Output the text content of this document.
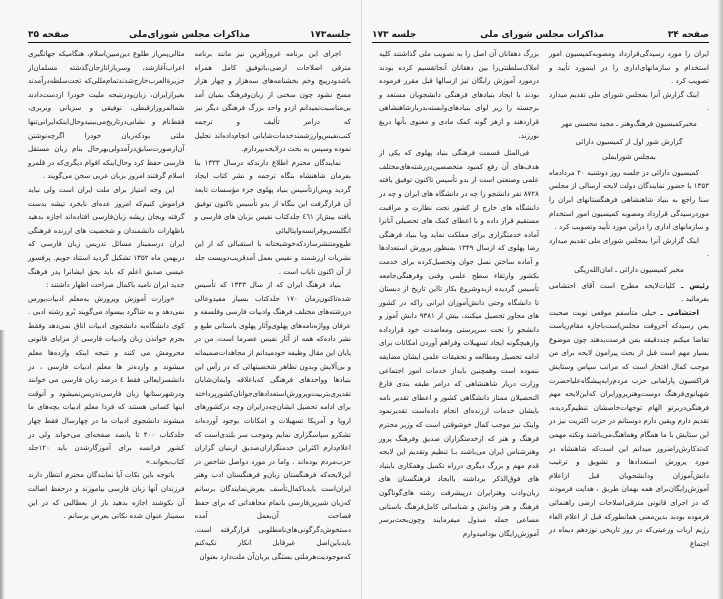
جلسه۱۷۳
مذاکرات مجلس شورای‌ملی
صفحه ۳۵

اجرای این برنامه غرور‌آفرین نیز مانند برنامه مترقی اصلاحات ارضی،باتوفیق کامل همراه باشدودرپیچ وخم بخشنامه‌های سه‌هزار و چهار هزار مسخ نشود چون سخنی از زبان‌وفرهنگ بمیان آمد بی‌مناسبت‌نمیدانم ازدو واحد بزرگ فرهنگی دیگر نیز که درامر تألیف و ترجمه کتب‌نفیس‌وارزشمندخدمات‌شایانی انجام‌داده‌اند تجلیل نموده وسپس به بحث درلایحه‌بپردازم.

نمایندگان محترم اطلاع دارندکه درسال ۱۳۳۳ بنا بفرمان شاهنشاه بنگاه ترجمه و نشر کتاب ایجاد گردید وپس‌ازتأسیس بنیاد پهلوی جزء مؤسسات تابعة آن قرارگرفت این بنگاه از بدو تأسیس تاکنون توفیق یافته بیش‌از ٤٦١ جلدکتاب نفیس بزبان های فارسی و انگلیسی‌وفرانسه‌وایتالیائی طبع‌ومنتشرسازدکه‌خوشبختانه با استقبالی که از این نشریات ارزشمند و نفیس بعمل آمدقریب‌دویست جلد از آن اکنون نایاب است .

بنیاد فرهنگ ایران که از سال ۱۳۴۳ که تأسیس شده‌تاکنون‌زمان ۱۷۰ جلدکتاب بسیار مفیدوعالی دررشته‌های مختلف فرهنگ وادبیات فارسی وفلسفه و عرفان وواژه‌نامه‌های پهلوی‌وآثار پهلوی باستانی طبع و نشر داده‌که همه از آثار نفیس عصرما است، من در پایان این مقال وظیفه خودمیدانم از مجاهدات‌صمیمانه و بی‌آلایش وبدون تظاهر شخصیتهائی که در رأس این بنیادها وواحدهای فرهنگی که‌باعلاقه وایمان‌شایان تقدیرى‌بتربیت‌وپرورش‌استعدادهای‌جوانان‌کشورپرداخته برای ادامه تحصیل ایشان‌چه‌درایران وچه درکشورهای اروپا و آمریکا تسهیلات و امکانات بوجود آورده‌اند تشکرو سپاسگزاری نمایم وموجب سر بلندی‌است که اعلام‌دارم اکثراین خدمتگزاران‌صدیق ازبنیان گزاران حزب‌مردم بوده‌اند . واما در مورد دواصل شاخص در این‌لایحه‌که فرهنگستان زبان‌و فرهنگستان ادب وهنر ایران‌است بایدباکمال‌تأسف بعرض‌نمایندگان برسانم که‌زبان شیرین‌فارسی باتمام مجاهداتی که برای حفظ فصاحت آن‌بعمل آمده دستخوش‌دگرگونی‌های‌نامطلوبی قرارگرفته است. بایدباین‌اصل غیرقابل انکار تکیه‌کنم که‌موجودیت‌هرملتی بستگی بزبان‌آن ملت‌دارد بعنوان

مثالی‌پس‌از طلوع دین‌مبین‌اسلام، هنگامیکه جهانگیری اعراب‌آغازشد، وسربازانازجان‌گذشته مسلمان‌از جزیرةالعرب‌خارج‌شدند‌تمام‌مللی‌که تحت‌سلطه‌در‌آمدند بغیرازایران، زبان‌ودرنتیجه ملیت خودرا ازدست‌دادند شمالمروزازقبطی، نوفیقی و سریانی وبربری، فقط‌نام و نشانی‌درتاریخ‌می‌بینیدوحال‌اینکه‌ایرانی‌تنها ملتی بود‌که‌زبان خودرا اگرچه‌نوشتن آن‌ازصورت‌سابق‌در‌آمدولی‌بهرحال بنام زبان مستقل فارسی حفظ کرد وحال‌اینکه اقوام دیگری‌که در قلمرو اسلام گرفتند امروز بزبان عربی سخن می‌گویند .

این وجه امتیاز برای ملت ایران است ولی نباید فراموش کنیم‌که امروز عده‌ای نابخرد تیشه بدست گرفته وبجان ریشه زبان‌فارسی افتاده‌اند اجازه بدهید باظهارات دانشمندان و شخصیت های ارزنده فرهنگی ایران درسمینار مسائل تدریس زبان فارسی که دربهمن ماه ۱۳۵۲ تشکیل گردید استناد جویم. پرفسور عیسی صدیق اعلم که باید بحق ایشانرا پدر فرهنگ جدید ایران نامید باکمال صراحت اظهار داشتند :

«وزارت آموزش وپرورش به‌معلم ادبیات‌پورس نمی‌دهد و به شاگرد بیسواد می‌گویند بُرو رشته ادبی . کوی دانشگاه‌به دانشجوی ادبیات اتاق نمی‌دهد وفقط بجرم خواندن زبان وادبیات فارسی از مزایای قانونی محرومش می کنند و نتیجه اینکه وازده‌ها معلم میشوند و وازده‌تر ها معلم ادبیات فارسی ، در دانشسرایعالی فقط ٤ درصد زبان فارسی می خوانند ودرشهرستانها زبان فارسی‌تدریس‌نمیشود و آنوقت اینها کسانی هستند که فردا معلم ادبیات بچه‌های ما میشوند دانشجوی ادبیات ما در چهارسال فقط چهار جلدکتاب ۴۰۰ تا پانصد صفحه‌ای می‌خواند ولی در کشور فرانسه برای آموزگارشدن باید ۱۲۰جلد کتاب‌بخواند.»

باتوجه باین نکات آیا نمایندگان محترم انتظار دارند فرزندان آنها زبان فارسی بیاموزند و درحفظ اصالت آن بکوشند اجازه بدهید باز از بعطالبی که در این سمینار عنوان شده نکاتی بعرض برسانم .

صفحه ۳۴
مذاکرات مجلس شورای ملی
جلسه ۱۷۳

ایران را مورد رسیدگی‌قرارداد ومصوبه‌کمیسیون امور استخدام و سازمانهای‌اداری را در اینمورد تأیید و تصویب کرد .

اینک گزارش آنرا بمجلس شورای ملی تقدیم میدارد .

مخبر‌کمیسیون فرهنگ‌وهنر ـ مجید محسنی مهر

گزارش شور اول از کمیسیون دارائی

بمجلس شورایملی

کمیسیون دارائی در جلسه روز دوشنبه ۲۰ مردادماه ۱۳۵۳ با حضور نمایندگان دولت لایحه ارسالی از مجلس سنا راجع به بنیاد شاهنشاهی فرهنگستانهای ایران را موردرسیدگی قرارداد ومصوبه کمیسیون امور استخدام و سازمانهای اداری را دراین مورد تأیید وتصویب کرد .

اینک گزارش آنرا بمجلس شورای ملی تقدیم میدارد .

مخبر کمیسیون دارائی ـ امان‌الله‌ریگی

رئیس ـ کلیات‌لایحه مطرح است آقای احتشامی بفرمائید .

احتشامی ـ خیلی متأسفم موقعی نوبت صحبت بمن رسیدکه آخروقت مجلس‌است‌باجازه مقام‌ریاست تقاضا میکنم چنددقیقه بمن فرصت‌بدهند چون موضوع بسیار مهم است قبل از بحث پیرامون لایحه برای من موجب کمال افتخار است که مراتب سپاس وستایش فراکسیون پارلمانی حزب مردم‌را‌به‌پیشگاه‌علیاحضرت شهبانوی‌فرهنگ دوست‌وهنرپرورایران که‌این‌لایحه مهم فرهنگی‌دربرتو الهام توجهات‌خاصشان تنظیم‌گردیده، تقدیم دارم ویقین دارم دوستانم در حزب اکثریت نیز در این ستایش با ما همگام وهماهنگ‌می‌باشند ونکته مهمی که‌تذکارش‌راضرور میدانم این است‌که شاهنشاه در مورد پرورش استعدادها و تشویق و ترغیب دانش‌آموزان ودانشجویان قبل ازاعلام آموزش‌رایگان‌برای همه بهمان طریق ، هدایت فرمودند که در اجرای قانونی مترقی‌اصلاحات ارضی راهنمائی فرموده بودند بدین‌معنی همانطورکه قبل از اعلام الغاء رژیم ارباب ورعیتی‌که در روز تاریخی نوزدهم دیماه در اجتماع

بزرگ دهقانان آن اصل را به تصویب ملی گذاشتند کلیه املاک‌سلطنتی‌را بین دهقانان آنجاتقسیم کرده بودند درمورد آموزش رایگان نیز ازسالها قبل مقرر فرموده بودند با ایجاد بنیادهای فرهنگی دانشجویان مستعد و برجسته را زیر لوای بنیادهای‌وابسته‌بدربارشاهنشاهی قراردهند و ازهر گونه کمک مادی و معنوی بآنها دریغ نورزند.

فی‌المثل قسمت فرهنگی بنیاد پهلوی که یکی از هدف‌های آن رفع کمبود متخصصین‌دررشته‌های‌مختلف علمی وصنعتی است از بدو تأسیس تاکنون توفیق یافته ۸۷۲۸ نفر دانشجو را چه در دانشگاه های ایران و چه در دانشگاه های خارج از کشور تحت نظارت و مراقبت مستقیم قرار داده و با اعطای کمک های تحصیلی آنانرا آماده خدمتگزاری برای مملکت نماید وبا بنیاد فرهنگی رضا پهلوی که ازسال ۱۳۴۹ بمنظور پرورش استعدادها و آماده ساختن نسل جوان وتحصیل‌کرده برای خدمت بکشور وارتقاء سطح علمی وفنی وفرهنگی‌جامعه تأسیس گردیده ازبدوشروع بکار تااین تاریخ از دبستان تا دانشگاه وحتی دانش‌آموزان ایرانی راکه در کشور های مجاور تحصیل میکنند، بیش از ۹۳۸۱ دانش آموز و دانشجو را تحت سرپرستی ومعاضدت خود قرارداده وازهیچگونه ایجاد تسهیلات وفراهم آوردن امکانات برای ادامه تحصیل ومطالعه و تحقیقات علمی ایشان مضایقه ننموده است وهمچنین بایداز خدمات امور اجتماعی وزارت دربار شاهنشاهی که درامر طبقه بندی فارغ التحصیلان ممتاز دانشگاهی کشور و اعطای تقدیر نامه بایشان خدمات ارزنده‌ای انجام داده‌است تقدیرنمود واینک نیز موجب کمال خوشوقتی است که وزیر محترم فرهنگ و هنر که ازخدمتگزاران صدیق وفرهنگ پرور وهنرشناس ایران می‌باشند بـا تنظیم وتقدیم این لایحه قدم مهم و بزرگ دیگری درراه تکمیل وهمکاری بابنیاد های فوق‌الذکر برداشته باایجاد فرهنگستان های زبان‌وادب وهنرایران درپیشرفت رشته های‌گوناگون فرهنگ و هنر ودانش و شناسائی کامل‌فرهنگ باستانی مساعی جمله مبذول میفرمایند وچون‌بحث‌برسر آموزش‌رایگان بوداميدوارم
